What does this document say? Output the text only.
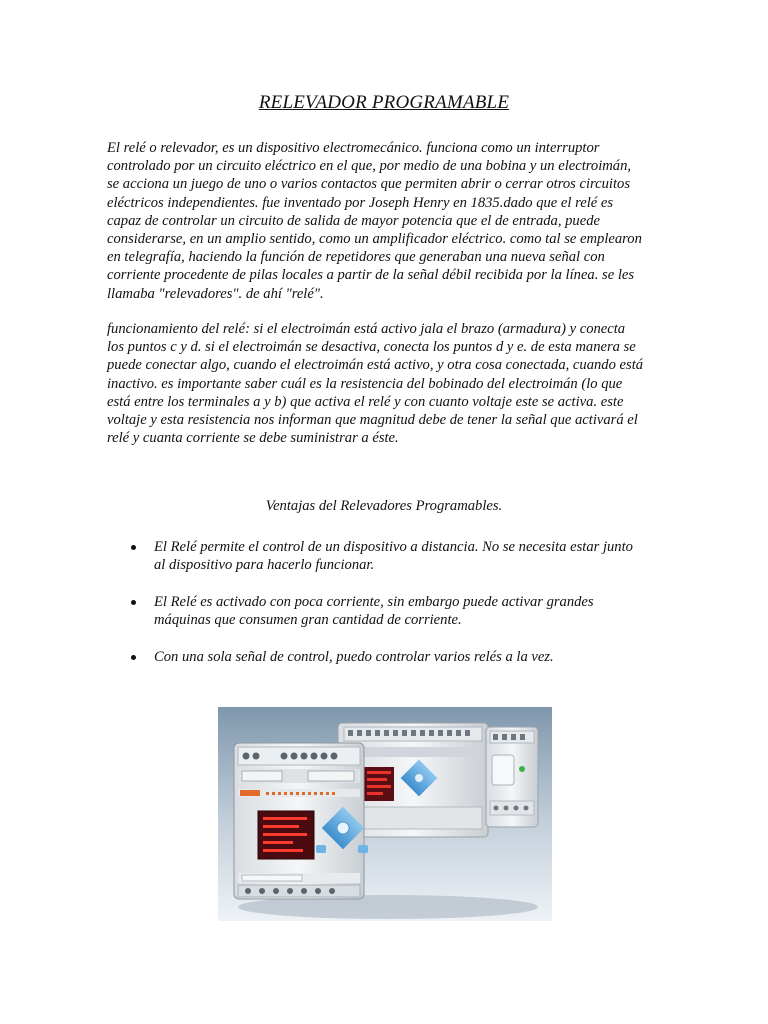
RELEVADOR PROGRAMABLE

El relé o relevador, es un dispositivo electromecánico. funciona como un interruptor
controlado por un circuito eléctrico en el que, por medio de una bobina y un electroimán,
se acciona un juego de uno o varios contactos que permiten abrir o cerrar otros circuitos
eléctricos independientes. fue inventado por Joseph Henry en 1835.dado que el relé es
capaz de controlar un circuito de salida de mayor potencia que el de entrada, puede
considerarse, en un amplio sentido, como un amplificador eléctrico. como tal se emplearon
en telegrafía, haciendo la función de repetidores que generaban una nueva señal con
corriente procedente de pilas locales a partir de la señal débil recibida por la línea. se les
llamaba "relevadores". de ahí "relé".

funcionamiento del relé: si el electroimán está activo jala el brazo (armadura) y conecta
los puntos c y d. si el electroimán se desactiva, conecta los puntos d y e. de esta manera se
puede conectar algo, cuando el electroimán está activo, y otra cosa conectada, cuando está
inactivo. es importante saber cuál es la resistencia del bobinado del electroimán (lo que
está entre los terminales a y b) que activa el relé y con cuanto voltaje este se activa. este
voltaje y esta resistencia nos informan que magnitud debe de tener la señal que activará el
relé y cuanta corriente se debe suministrar a éste.

Ventajas del Relevadores Programables.
El Relé permite el control de un dispositivo a distancia. No se necesita estar junto
al dispositivo para hacerlo funcionar.
El Relé es activado con poca corriente, sin embargo puede activar grandes
máquinas que consumen gran cantidad de corriente.
Con una sola señal de control, puedo controlar varios relés a la vez.
